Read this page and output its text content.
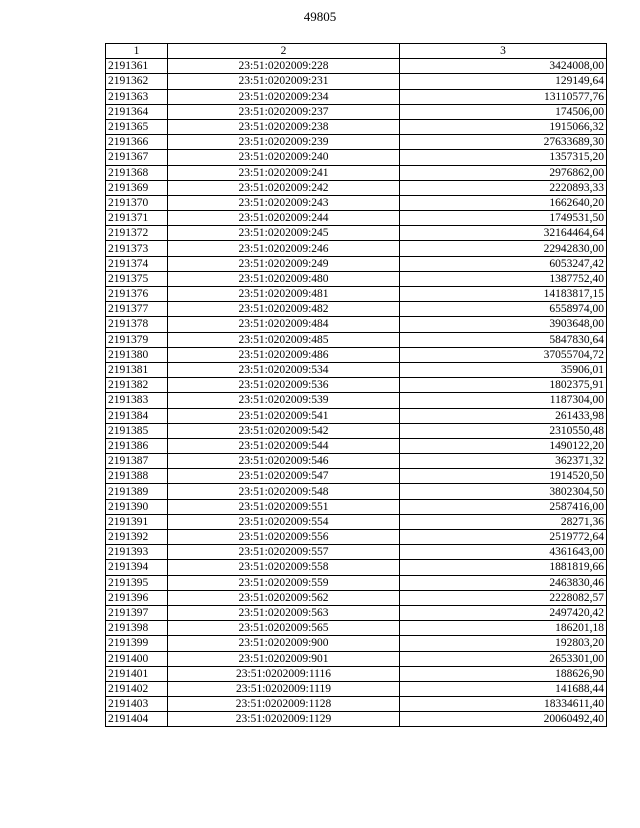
49805
1	2	3
2191361	23:51:0202009:228	3424008,00
2191362	23:51:0202009:231	129149,64
2191363	23:51:0202009:234	13110577,76
2191364	23:51:0202009:237	174506,00
2191365	23:51:0202009:238	1915066,32
2191366	23:51:0202009:239	27633689,30
2191367	23:51:0202009:240	1357315,20
2191368	23:51:0202009:241	2976862,00
2191369	23:51:0202009:242	2220893,33
2191370	23:51:0202009:243	1662640,20
2191371	23:51:0202009:244	1749531,50
2191372	23:51:0202009:245	32164464,64
2191373	23:51:0202009:246	22942830,00
2191374	23:51:0202009:249	6053247,42
2191375	23:51:0202009:480	1387752,40
2191376	23:51:0202009:481	14183817,15
2191377	23:51:0202009:482	6558974,00
2191378	23:51:0202009:484	3903648,00
2191379	23:51:0202009:485	5847830,64
2191380	23:51:0202009:486	37055704,72
2191381	23:51:0202009:534	35906,01
2191382	23:51:0202009:536	1802375,91
2191383	23:51:0202009:539	1187304,00
2191384	23:51:0202009:541	261433,98
2191385	23:51:0202009:542	2310550,48
2191386	23:51:0202009:544	1490122,20
2191387	23:51:0202009:546	362371,32
2191388	23:51:0202009:547	1914520,50
2191389	23:51:0202009:548	3802304,50
2191390	23:51:0202009:551	2587416,00
2191391	23:51:0202009:554	28271,36
2191392	23:51:0202009:556	2519772,64
2191393	23:51:0202009:557	4361643,00
2191394	23:51:0202009:558	1881819,66
2191395	23:51:0202009:559	2463830,46
2191396	23:51:0202009:562	2228082,57
2191397	23:51:0202009:563	2497420,42
2191398	23:51:0202009:565	186201,18
2191399	23:51:0202009:900	192803,20
2191400	23:51:0202009:901	2653301,00
2191401	23:51:0202009:1116	188626,90
2191402	23:51:0202009:1119	141688,44
2191403	23:51:0202009:1128	18334611,40
2191404	23:51:0202009:1129	20060492,40
